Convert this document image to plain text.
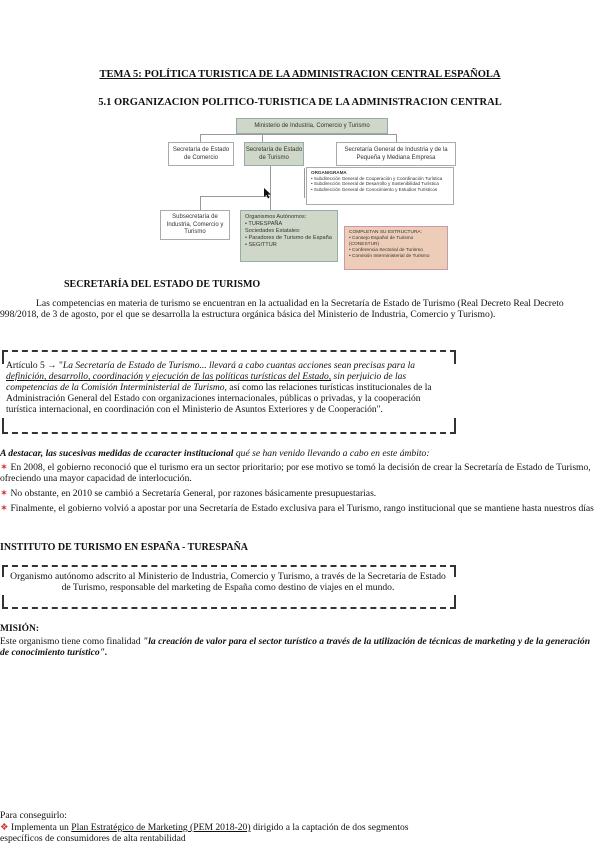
TEMA 5: POLÍTICA TURISTICA DE LA ADMINISTRACION CENTRAL ESPAÑOLA
5.1 ORGANIZACION POLITICO-TURISTICA DE LA ADMINISTRACION CENTRAL
Ministerio de Industria, Comercio y Turismo
Secretaría de Estado de Comercio
Secretaría de Estado de Turismo
Secretaría General de Industria y de la Pequeña y Mediana Empresa
ORGANIGRAMA
• Subdirección General de Cooperación y Coordinación Turística
• Subdirección General de Desarrollo y Sostenibilidad Turística
• Subdirección General de Conocimiento y Estudios Turísticos
Subsecretaría de Industria, Comercio y Turismo
Organismos Autónomos:
• TURESPAÑA
Sociedades Estatales:
• Paradores de Turismo de España
• SEGITTUR
COMPLETAN SU ESTRUCTURA:
• Consejo Español de Turismo (CONESTUR)
• Conferencia Sectorial de Turismo
• Comisión Interministerial de Turismo
SECRETARÍA DEL ESTADO DE TURISMO
Las competencias en materia de turismo se encuentran en la actualidad en la Secretaría de Estado de Turismo (Real Decreto Real Decreto 998/2018, de 3 de agosto, por el que se desarrolla la estructura orgánica básica del Ministerio de Industria, Comercio y Turismo).
Artículo 5 → "La Secretaría de Estado de Turismo... llevará a cabo cuantas acciones sean precisas para la definición, desarrollo, coordinación y ejecución de las políticas turísticas del Estado, sin perjuicio de las competencias de la Comisión Interministerial de Turismo, así como las relaciones turísticas institucionales de la Administración General del Estado con organizaciones internacionales, públicas o privadas, y la cooperación turística internacional, en coordinación con el Ministerio de Asuntos Exteriores y de Cooperación".
A destacar, las sucesivas medidas de ccaracter institucional qué se han venido llevando a cabo en este ámbito:
✶ En 2008, el gobierno reconoció que el turismo era un sector prioritario; por ese motivo se tomó la decisión de crear la Secretaría de Estado de Turismo, ofreciendo una mayor capacidad de interlocución.
✶ No obstante, en 2010 se cambió a Secretaría General, por razones básicamente presupuestarias.
✶ Finalmente, el gobierno volvió a apostar por una Secretaría de Estado exclusiva para el Turismo, rango institucional que se mantiene hasta nuestros días
INSTITUTO DE TURISMO EN ESPAÑA - TURESPAÑA
Organismo autónomo adscrito al Ministerio de Industria, Comercio y Turismo, a través de la Secretaría de Estado de Turismo, responsable del marketing de España como destino de viajes en el mundo.
MISIÓN:
Este organismo tiene como finalidad "la creación de valor para el sector turístico a través de la utilización de técnicas de marketing y de la generación de conocimiento turístico".
Para conseguirlo:
❖ Implementa un Plan Estratégico de Marketing (PEM 2018-20) dirigido a la captación de dos segmentos específicos de consumidores de alta rentabilidad
